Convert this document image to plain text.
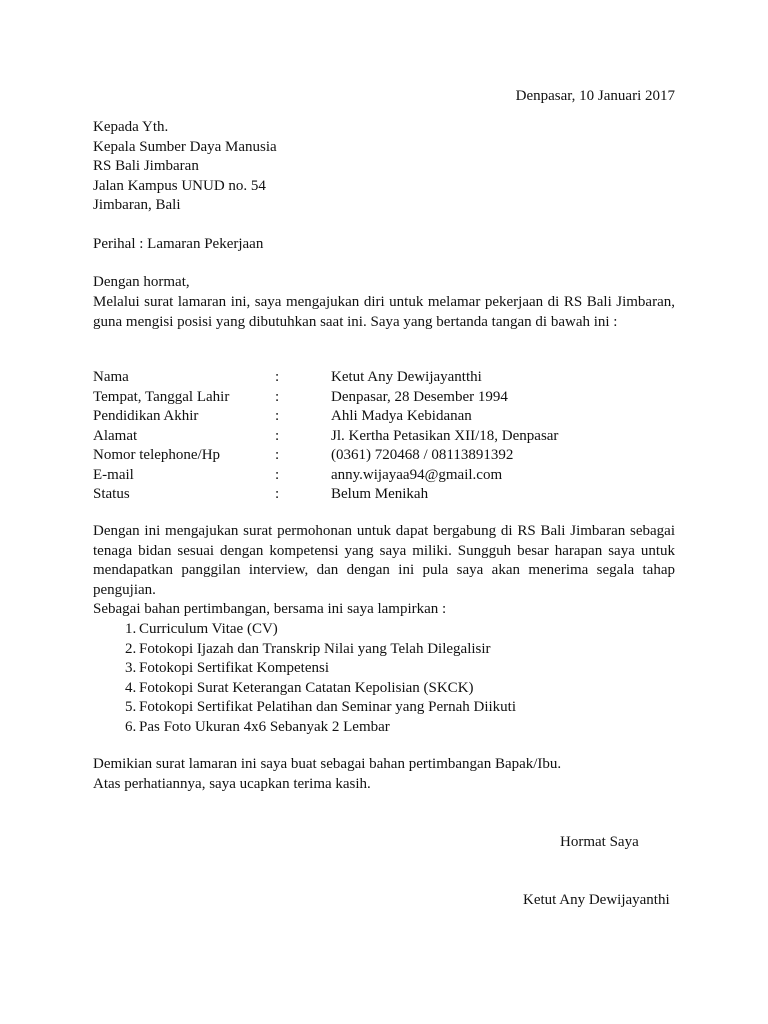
Denpasar, 10 Januari 2017
Kepada Yth.
Kepala Sumber Daya Manusia
RS Bali Jimbaran
Jalan Kampus UNUD no. 54
Jimbaran, Bali
Perihal : Lamaran Pekerjaan
Dengan hormat,
Melalui surat lamaran ini, saya mengajukan diri untuk melamar pekerjaan di RS Bali Jimbaran, guna mengisi posisi yang dibutuhkan saat ini. Saya yang bertanda tangan di bawah ini :
Nama	:	Ketut Any Dewijayantthi
Tempat, Tanggal Lahir	:	Denpasar, 28 Desember 1994
Pendidikan Akhir	:	Ahli Madya Kebidanan
Alamat	:	Jl. Kertha Petasikan XII/18, Denpasar
Nomor telephone/Hp	:	(0361) 720468 / 08113891392
E-mail	:	anny.wijayaa94@gmail.com
Status	:	Belum Menikah
Dengan ini mengajukan surat permohonan untuk dapat bergabung di RS Bali Jimbaran sebagai tenaga bidan sesuai dengan kompetensi yang saya miliki. Sungguh besar harapan saya untuk mendapatkan panggilan interview, dan dengan ini pula saya akan menerima segala tahap pengujian.
Sebagai bahan pertimbangan, bersama ini saya lampirkan :
1. Curriculum Vitae (CV)
2. Fotokopi Ijazah dan Transkrip Nilai yang Telah Dilegalisir
3. Fotokopi Sertifikat Kompetensi
4. Fotokopi Surat Keterangan Catatan Kepolisian (SKCK)
5. Fotokopi Sertifikat Pelatihan dan Seminar yang Pernah Diikuti
6. Pas Foto Ukuran 4x6 Sebanyak 2 Lembar
Demikian surat lamaran ini saya buat sebagai bahan pertimbangan Bapak/Ibu.
Atas perhatiannya, saya ucapkan terima kasih.
Hormat Saya
Ketut Any Dewijayanthi
